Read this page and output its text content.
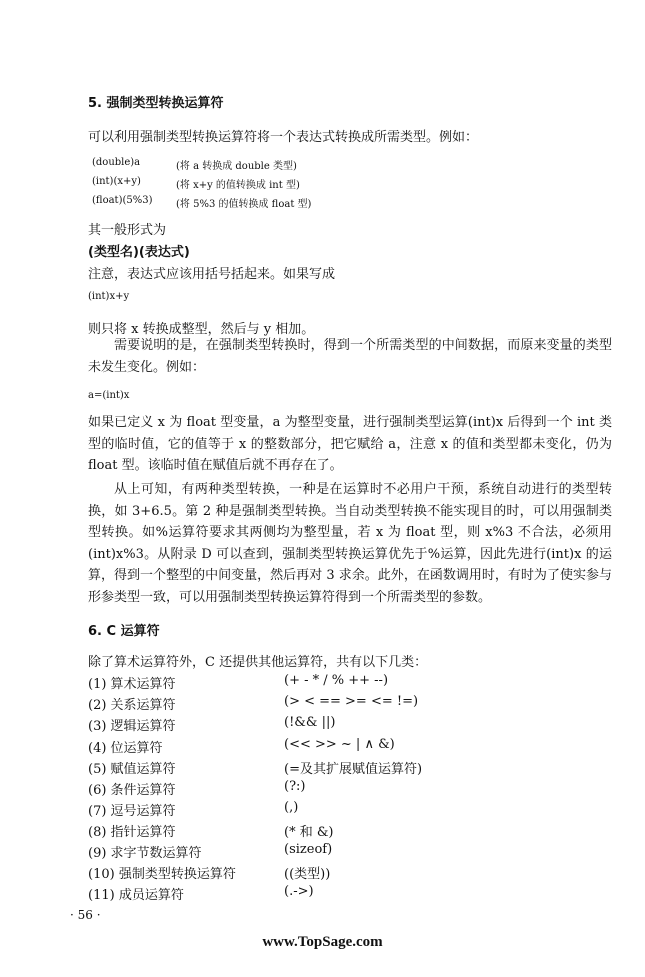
5. 强制类型转换运算符
可以利用强制类型转换运算符将一个表达式转换成所需类型。例如：
(double)a	(将 a 转换成 double 类型)
(int)(x+y)	(将 x+y 的值转换成 int 型)
(float)(5%3) (将 5%3 的值转换成 float 型)
其一般形式为
(类型名)(表达式)
注意，表达式应该用括号括起来。如果写成
(int)x+y
则只将 x 转换成整型，然后与 y 相加。

需要说明的是，在强制类型转换时，得到一个所需类型的中间数据，而原来变量的类型未发生变化。例如：

a=(int)x

如果已定义 x 为 float 型变量，a 为整型变量，进行强制类型运算(int)x 后得到一个 int 类型的临时值，它的值等于 x 的整数部分，把它赋给 a，注意 x 的值和类型都未变化，仍为 float 型。该临时值在赋值后就不再存在了。

从上可知，有两种类型转换，一种是在运算时不必用户干预，系统自动进行的类型转换，如 3+6.5。第 2 种是强制类型转换。当自动类型转换不能实现目的时，可以用强制类型转换。如%运算符要求其两侧均为整型量，若 x 为 float 型，则 x%3 不合法，必须用(int)x%3。从附录 D 可以查到，强制类型转换运算优先于%运算，因此先进行(int)x 的运算，得到一个整型的中间变量，然后再对 3 求余。此外，在函数调用时，有时为了使实参与形参类型一致，可以用强制类型转换运算符得到一个所需类型的参数。

6. C 运算符
除了算术运算符外，C 还提供其他运算符，共有以下几类：
(1) 算术运算符	(+ - * / % ++ --)
(2) 关系运算符	(> < == >= <= !=)
(3) 逻辑运算符	(!&& ||)
(4) 位运算符	(<< >> ~ | ∧ &)
(5) 赋值运算符	(=及其扩展赋值运算符)
(6) 条件运算符	(?:)
(7) 逗号运算符	(,)
(8) 指针运算符	(* 和 &)
(9) 求字节数运算符	(sizeof)
(10) 强制类型转换运算符	((类型))
(11) 成员运算符	(.->)
· 56 ·
www.TopSage.com
